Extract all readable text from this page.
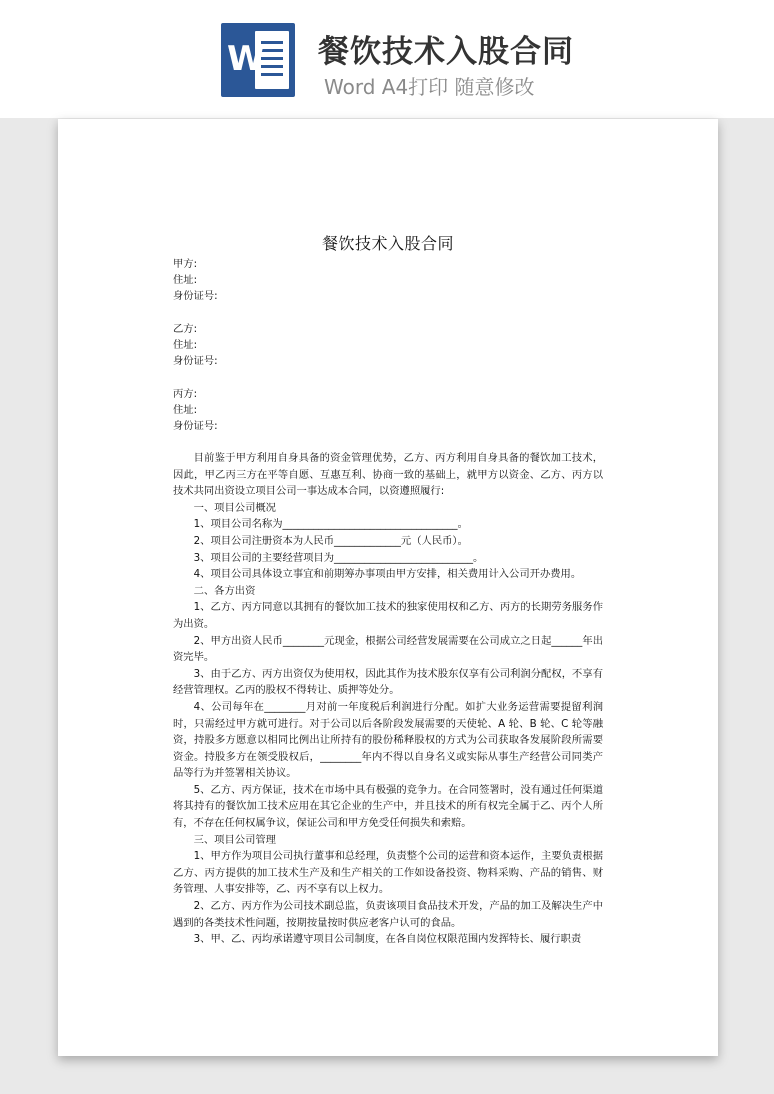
W 餐饮技术入股合同
Word A4打印 随意修改

餐饮技术入股合同
甲方:
住址:
身份证号:
乙方:
住址:
身份证号:
丙方:
住址:
身份证号:

目前鉴于甲方利用自身具备的资金管理优势，乙方、丙方利用自身具备的餐饮加工技术，因此，甲乙丙三方在平等自愿、互惠互利、协商一致的基础上，就甲方以资金、乙方、丙方以技术共同出资设立项目公司一事达成本合同，以资遵照履行:

一、项目公司概况

1、项目公司名称为__________________________________。

2、项目公司注册资本为人民币_____________元（人民币）。

3、项目公司的主要经营项目为___________________________。

4、项目公司具体设立事宜和前期筹办事项由甲方安排，相关费用计入公司开办费用。

二、各方出资

1、乙方、丙方同意以其拥有的餐饮加工技术的独家使用权和乙方、丙方的长期劳务服务作为出资。

2、甲方出资人民币________元现金，根据公司经营发展需要在公司成立之日起______年出资完毕。

3、由于乙方、丙方出资仅为使用权，因此其作为技术股东仅享有公司利润分配权，不享有经营管理权。乙丙的股权不得转让、质押等处分。

4、公司每年在________月对前一年度税后利润进行分配。如扩大业务运营需要提留利润时，只需经过甲方就可进行。对于公司以后各阶段发展需要的天使轮、A 轮、B 轮、C 轮等融资，持股多方愿意以相同比例出让所持有的股份稀释股权的方式为公司获取各发展阶段所需要资金。持股多方在领受股权后，________年内不得以自身名义或实际从事生产经营公司同类产品等行为并签署相关协议。

5、乙方、丙方保证，技术在市场中具有极强的竞争力。在合同签署时，没有通过任何渠道将其持有的餐饮加工技术应用在其它企业的生产中，并且技术的所有权完全属于乙、丙个人所有，不存在任何权属争议，保证公司和甲方免受任何损失和索赔。

三、项目公司管理

1、甲方作为项目公司执行董事和总经理，负责整个公司的运营和资本运作，主要负责根据乙方、丙方提供的加工技术生产及和生产相关的工作如设备投资、物料采购、产品的销售、财务管理、人事安排等，乙、丙不享有以上权力。

2、乙方、丙方作为公司技术副总监，负责该项目食品技术开发，产品的加工及解决生产中遇到的各类技术性问题，按期按量按时供应老客户认可的食品。

3、甲、乙、丙均承诺遵守项目公司制度，在各自岗位权限范围内发挥特长、履行职责
